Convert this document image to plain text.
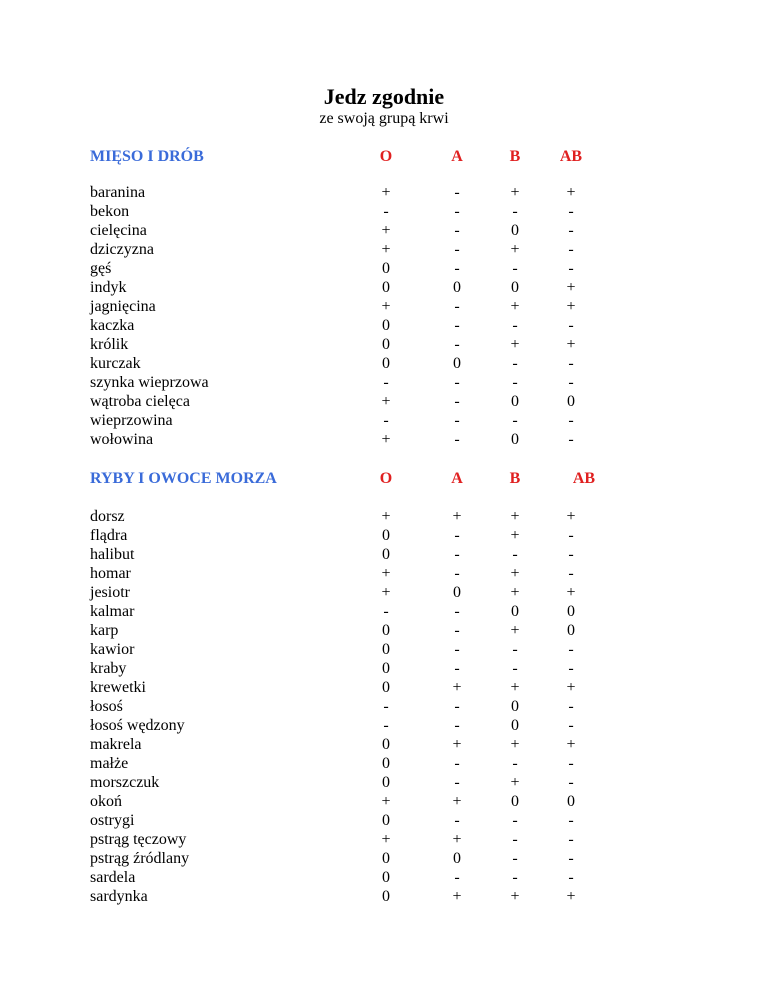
Jedz zgodnie
ze swoją grupą krwi
MIĘSO I DRÓB	O	A	B	AB
baranina	+	-	+	+
bekon	-	-	-	-
cielęcina	+	-	0	-
dziczyzna	+	-	+	-
gęś	0	-	-	-
indyk	0	0	0	+
jagnięcina	+	-	+	+
kaczka	0	-	-	-
królik	0	-	+	+
kurczak	0	0	-	-
szynka wieprzowa	-	-	-	-
wątroba cielęca	+	-	0	0
wieprzowina	-	-	-	-
wołowina	+	-	0	-
RYBY I OWOCE MORZA	O	A	B	AB
dorsz	+	+	+	+
flądra	0	-	+	-
halibut	0	-	-	-
homar	+	-	+	-
jesiotr	+	0	+	+
kalmar	-	-	0	0
karp	0	-	+	0
kawior	0	-	-	-
kraby	0	-	-	-
krewetki	0	+	+	+
łosoś	-	-	0	-
łosoś wędzony	-	-	0	-
makrela	0	+	+	+
małże	0	-	-	-
morszczuk	0	-	+	-
okoń	+	+	0	0
ostrygi	0	-	-	-
pstrąg tęczowy	+	+	-	-
pstrąg źródlany	0	0	-	-
sardela	0	-	-	-
sardynka	0	+	+	+
